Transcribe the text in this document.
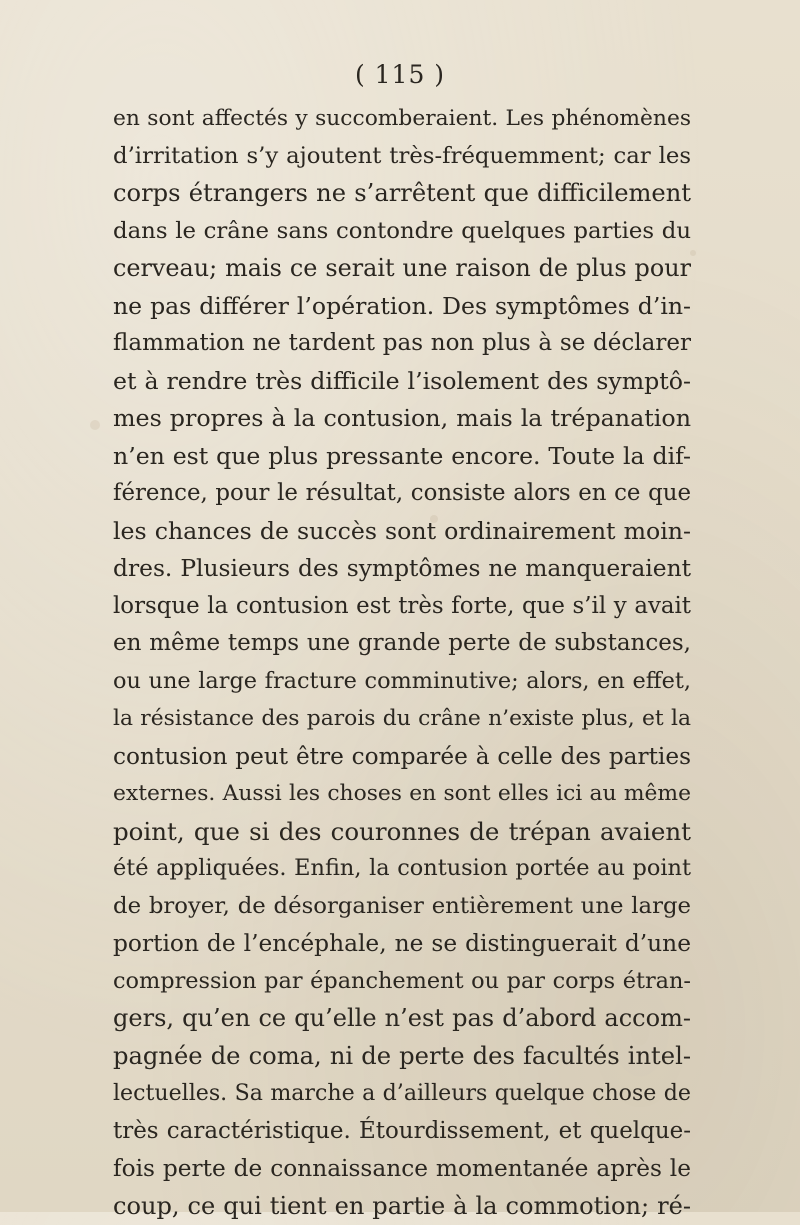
( 115 )
en sont affectés y succomberaient. Les phénomènes
d’irritation s’y ajoutent très-fréquemment; car les
corps étrangers ne s’arrêtent que difficilement
dans le crâne sans contondre quelques parties du
cerveau; mais ce serait une raison de plus pour
ne pas différer l’opération. Des symptômes d’in-
flammation ne tardent pas non plus à se déclarer
et à rendre très difficile l’isolement des symptô-
mes propres à la contusion, mais la trépanation
n’en est que plus pressante encore. Toute la dif-
férence, pour le résultat, consiste alors en ce que
les chances de succès sont ordinairement moin-
dres. Plusieurs des symptômes ne manqueraient
lorsque la contusion est très forte, que s’il y avait
en même temps une grande perte de substances,
ou une large fracture comminutive; alors, en effet,
la résistance des parois du crâne n’existe plus, et la
contusion peut être comparée à celle des parties
externes. Aussi les choses en sont elles ici au même
point, que si des couronnes de trépan avaient
été appliquées. Enfin, la contusion portée au point
de broyer, de désorganiser entièrement une large
portion de l’encéphale, ne se distinguerait d’une
compression par épanchement ou par corps étran-
gers, qu’en ce qu’elle n’est pas d’abord accom-
pagnée de coma, ni de perte des facultés intel-
lectuelles. Sa marche a d’ailleurs quelque chose de
très caractéristique. Étourdissement, et quelque-
fois perte de connaissance momentanée après le
coup, ce qui tient en partie à la commotion; ré-
